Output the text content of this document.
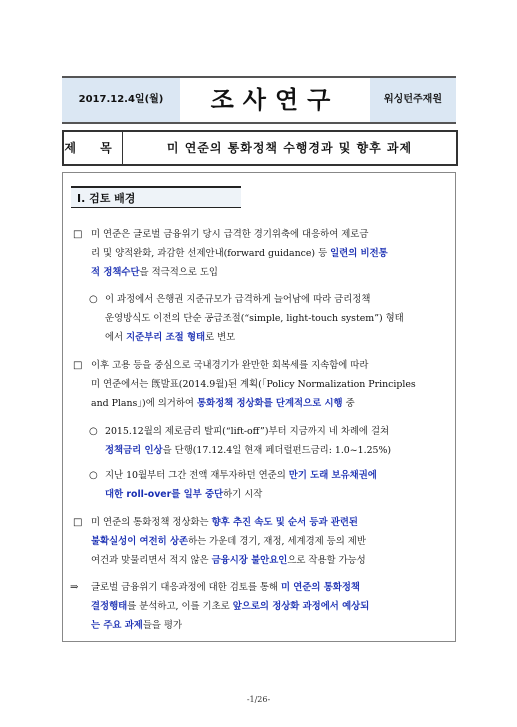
2017.12.4일(월)	조사연구	워싱턴주재원
제 목	미 연준의 통화정책 수행경과 및 향후 과제
Ⅰ. 검토 배경
□ 미 연준은 글로벌 금융위기 당시 급격한 경기위축에 대응하여 제로금
리 및 양적완화, 과감한 선제안내(forward guidance) 등 일련의 비전통
적 정책수단을 적극적으로 도입
○ 이 과정에서 은행권 지준규모가 급격하게 늘어남에 따라 금리정책
운영방식도 이전의 단순 공급조절(“simple, light-touch system”) 형태
에서 지준부리 조절 형태로 변모
□ 이후 고용 등을 중심으로 국내경기가 완만한 회복세를 지속함에 따라
미 연준에서는 旣발표(2014.9월)된 계획(｢Policy Normalization Principles
and Plans｣)에 의거하여 통화정책 정상화를 단계적으로 시행 중
○ 2015.12월의 제로금리 탈피(“lift-off”)부터 지금까지 네 차례에 걸쳐
정책금리 인상을 단행(17.12.4일 현재 페더럴펀드금리: 1.0~1.25%)
○ 지난 10월부터 그간 전액 재투자하던 연준의 만기 도래 보유채권에
대한 roll-over를 일부 중단하기 시작
□ 미 연준의 통화정책 정상화는 향후 추진 속도 및 순서 등과 관련된
불확실성이 여전히 상존하는 가운데 경기, 재정, 세계경제 등의 제반
여건과 맞물리면서 적지 않은 금융시장 불안요인으로 작용할 가능성
⇒ 글로벌 금융위기 대응과정에 대한 검토를 통해 미 연준의 통화정책
결정행태를 분석하고, 이를 기초로 앞으로의 정상화 과정에서 예상되
는 주요 과제들을 평가
-1/26-
